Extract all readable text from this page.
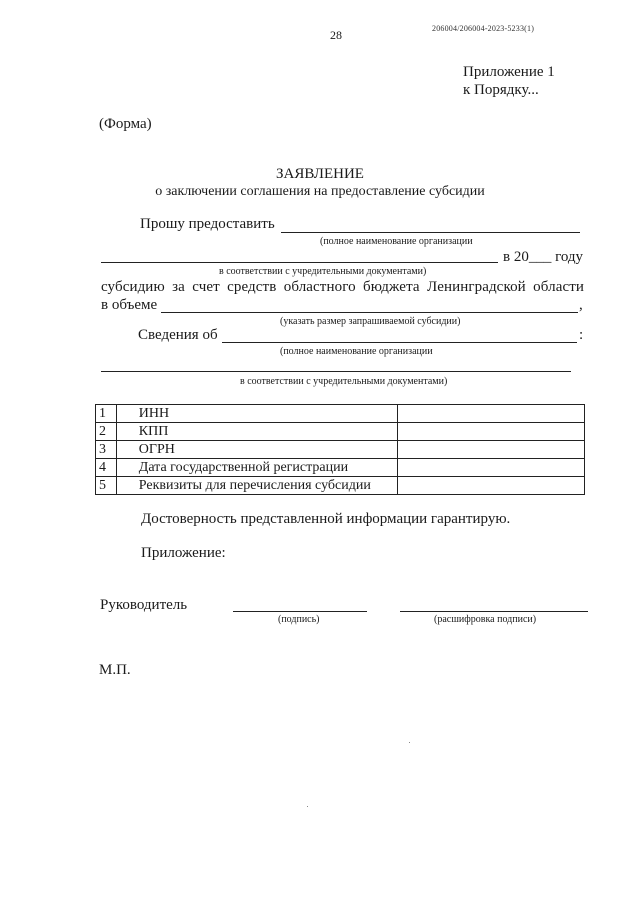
28	206004/206004-2023-5233(1)
Приложение 1
к Порядку...
(Форма)
ЗАЯВЛЕНИЕ
о заключении соглашения на предоставление субсидии
Прошу предоставить
(полное наименование организации
в 20___ году
в соответствии с учредительными документами)
субсидию за счет средств областного бюджета Ленинградской области
в объеме	,
(указать размер запрашиваемой субсидии)
Сведения об	:
(полное наименование организации
в соответствии с учредительными документами)
1	ИНН	
2	КПП	
3	ОГРН	
4	Дата государственной регистрации	
5	Реквизиты для перечисления субсидии	
Достоверность представленной информации гарантирую.
Приложение:
Руководитель
(подпись)	(расшифровка подписи)
М.П.
